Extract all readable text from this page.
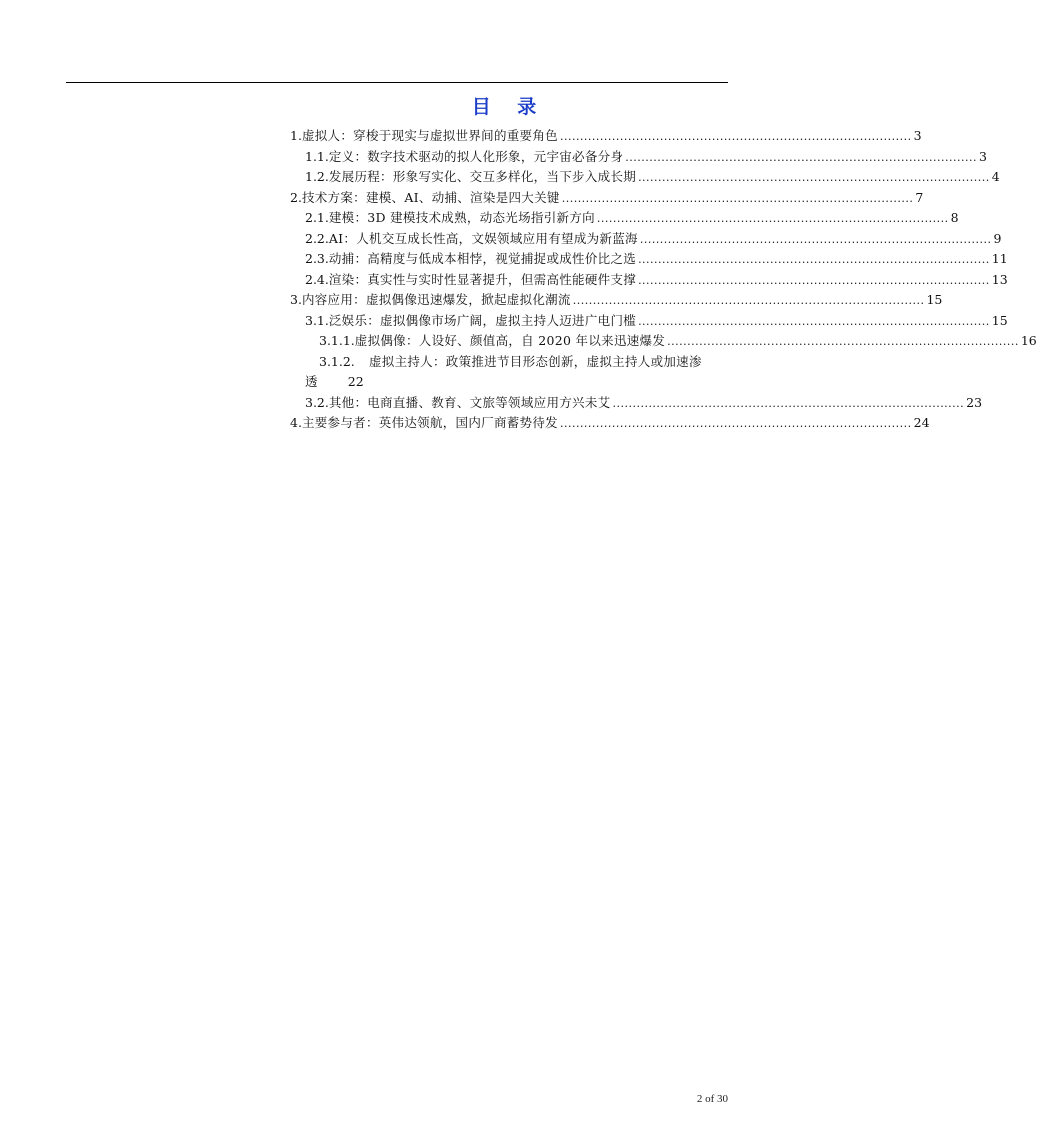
目 录
1. 虚拟人：穿梭于现实与虚拟世界间的重要角色 ........................................................................................ 3
1.1. 定义：数字技术驱动的拟人化形象，元宇宙必备分身 ........................................................................................ 3
1.2. 发展历程：形象写实化、交互多样化，当下步入成长期 ........................................................................................ 4
2. 技术方案：建模、AI、动捕、渲染是四大关键 ........................................................................................ 7
2.1. 建模：3D 建模技术成熟，动态光场指引新方向 ........................................................................................ 8
2.2. AI：人机交互成长性高，文娱领域应用有望成为新蓝海 ........................................................................................ 9
2.3. 动捕：高精度与低成本相悖，视觉捕捉或成性价比之选 ........................................................................................ 11
2.4. 渲染：真实性与实时性显著提升，但需高性能硬件支撑 ........................................................................................ 13
3. 内容应用：虚拟偶像迅速爆发，掀起虚拟化潮流 ........................................................................................ 15
3.1. 泛娱乐：虚拟偶像市场广阔，虚拟主持人迈进广电门槛 ........................................................................................ 15
3.1.1. 虚拟偶像：人设好、颜值高，自 2020 年以来迅速爆发 ........................................................................................ 16
3.1.2. 虚拟主持人：政策推进节目形态创新，虚拟主持人或加速渗
透 22
3.2. 其他：电商直播、教育、文旅等领域应用方兴未艾 ........................................................................................ 23
4. 主要参与者：英伟达领航，国内厂商蓄势待发 ........................................................................................ 24
2 of 30
